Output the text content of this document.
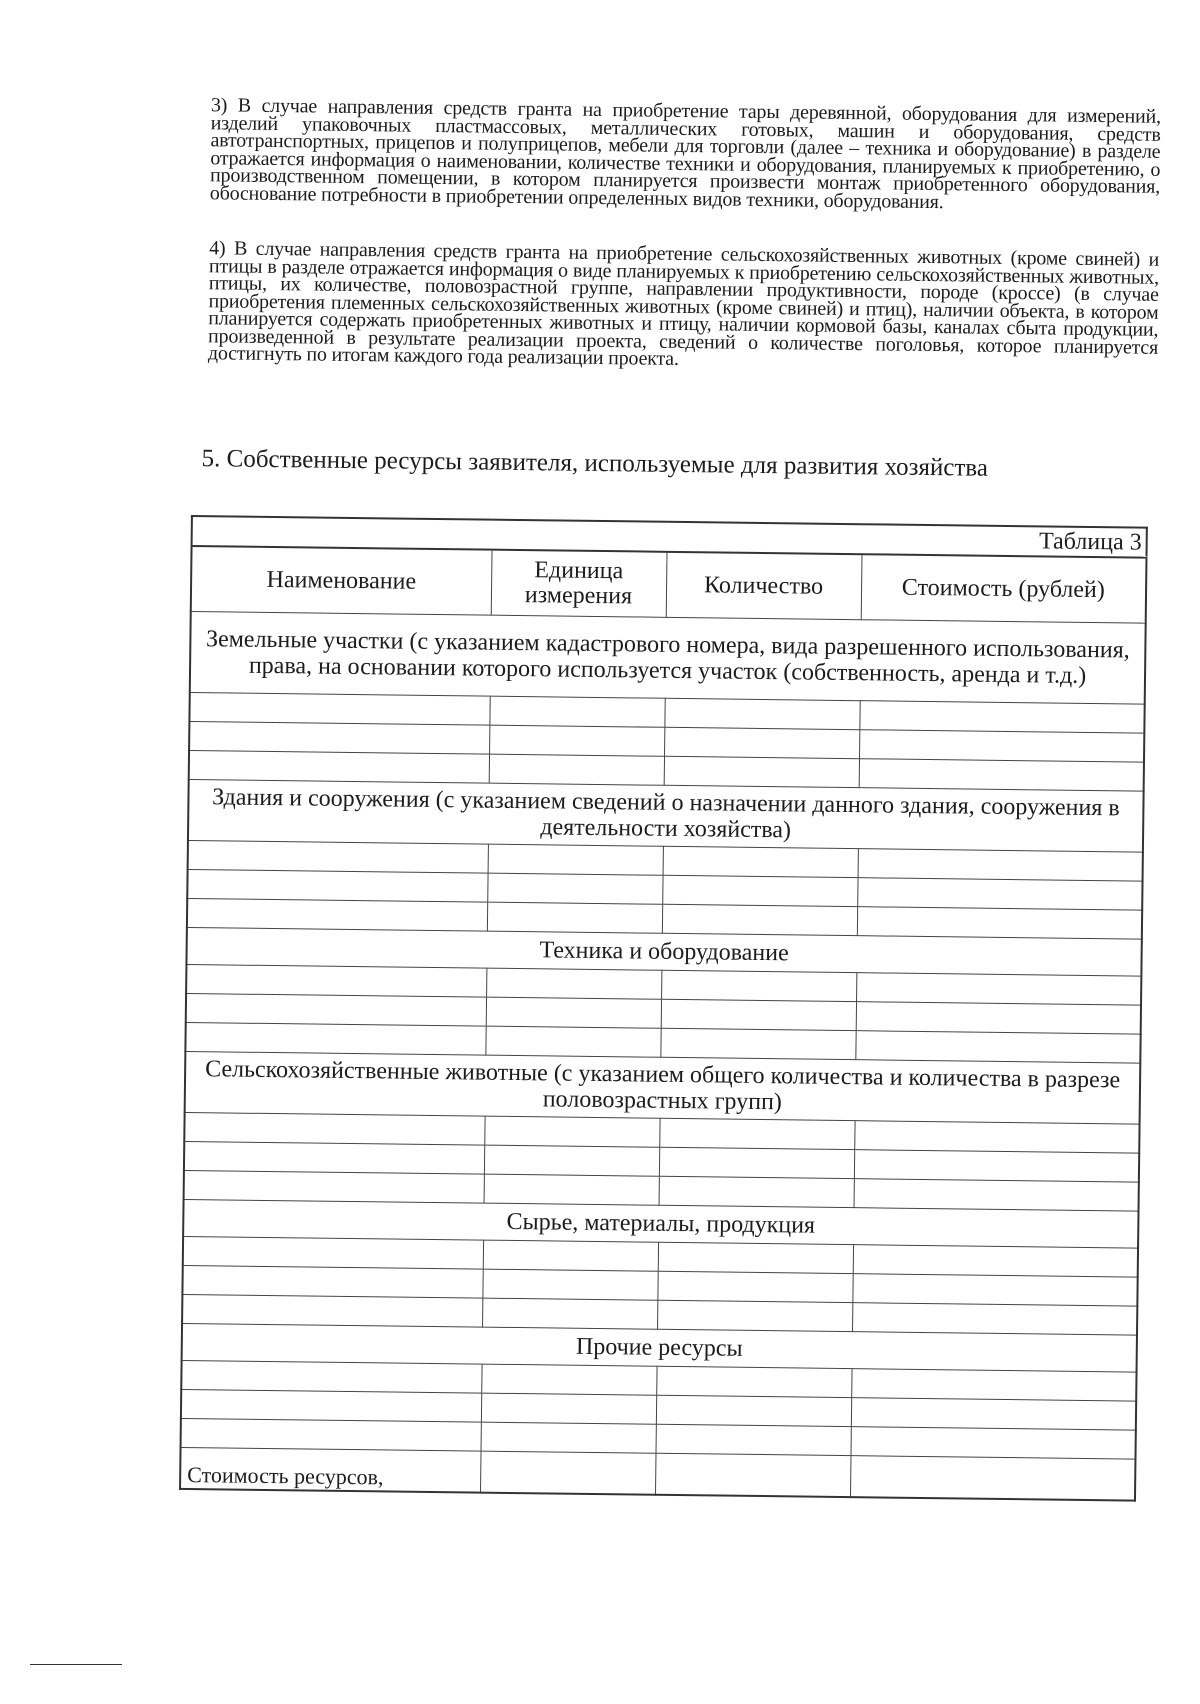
3) В случае направления средств гранта на приобретение тары деревянной, оборудования для измерений, изделий упаковочных пластмассовых, металлических готовых, машин и оборудования, средств автотранспортных, прицепов и полуприцепов, мебели для торговли (далее – техника и оборудование) в разделе отражается информация о наименовании, количестве техники и оборудования, планируемых к приобретению, о производственном помещении, в котором планируется произвести монтаж приобретенного оборудования, обоснование потребности в приобретении определенных видов техники, оборудования.

4) В случае направления средств гранта на приобретение сельскохозяйственных животных (кроме свиней) и птицы в разделе отражается информация о виде планируемых к приобретению сельскохозяйственных животных, птицы, их количестве, половозрастной группе, направлении продуктивности, породе (кроссе) (в случае приобретения племенных сельскохозяйственных животных (кроме свиней) и птиц), наличии объекта, в котором планируется содержать приобретенных животных и птицу, наличии кормовой базы, каналах сбыта продукции, произведенной в результате реализации проекта, сведений о количестве поголовья, которое планируется достигнуть по итогам каждого года реализации проекта.

5. Собственные ресурсы заявителя, используемые для развития хозяйства
Таблица 3			
Наименование	Единица измерения	Количество	Стоимость (рублей)
Земельные участки (с указанием кадастрового номера, вида разрешенного использования, права, на основании которого используется участок (собственность, аренда и т.д.)			

Здания и сооружения (с указанием сведений о назначении данного здания, сооружения в деятельности хозяйства)			

Техника и оборудование			

Сельскохозяйственные животные (с указанием общего количества и количества в разрезе половозрастных групп)			

Сырье, материалы, продукция			

Прочие ресурсы			

Стоимость ресурсов,			
